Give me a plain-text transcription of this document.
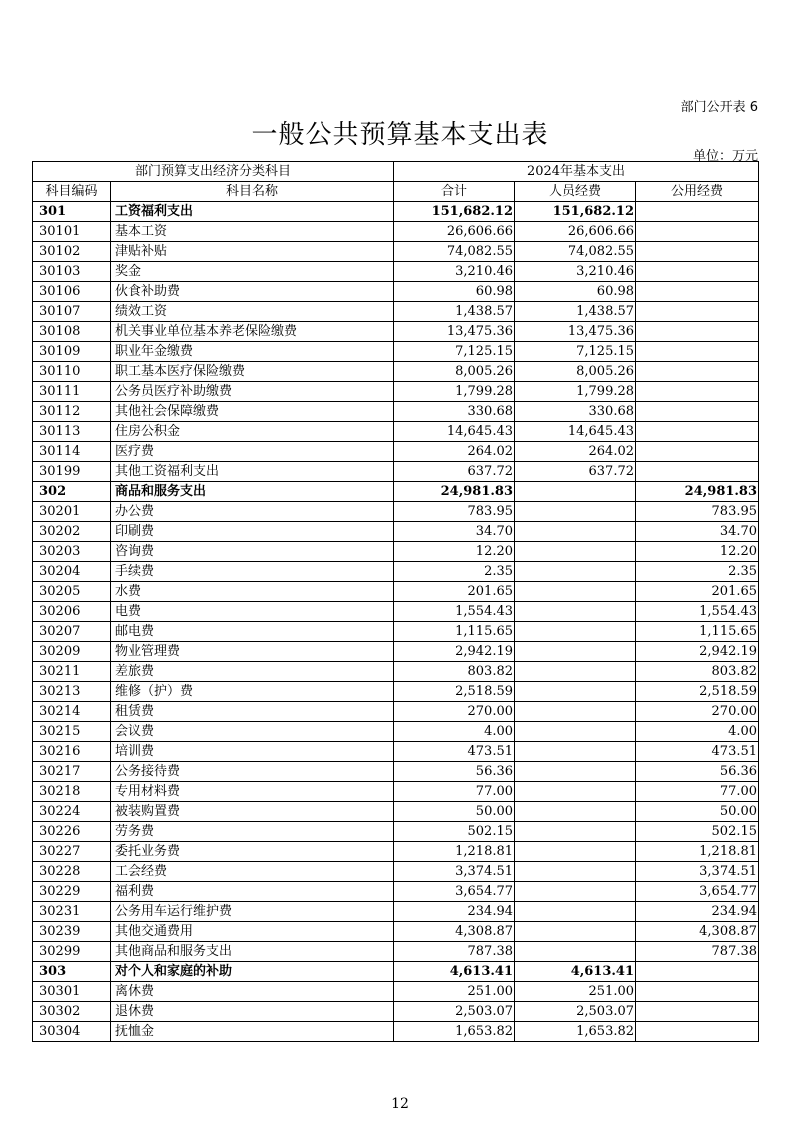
部门公开表 6
一般公共预算基本支出表
单位：万元
部门预算支出经济分类科目		2024年基本支出		
科目编码	科目名称	合计	人员经费	公用经费
301	工资福利支出	151,682.12	151,682.12	
30101	基本工资	26,606.66	26,606.66	
30102	津贴补贴	74,082.55	74,082.55	
30103	奖金	3,210.46	3,210.46	
30106	伙食补助费	60.98	60.98	
30107	绩效工资	1,438.57	1,438.57	
30108	机关事业单位基本养老保险缴费	13,475.36	13,475.36	
30109	职业年金缴费	7,125.15	7,125.15	
30110	职工基本医疗保险缴费	8,005.26	8,005.26	
30111	公务员医疗补助缴费	1,799.28	1,799.28	
30112	其他社会保障缴费	330.68	330.68	
30113	住房公积金	14,645.43	14,645.43	
30114	医疗费	264.02	264.02	
30199	其他工资福利支出	637.72	637.72	
302	商品和服务支出	24,981.83		24,981.83
30201	办公费	783.95		783.95
30202	印刷费	34.70		34.70
30203	咨询费	12.20		12.20
30204	手续费	2.35		2.35
30205	水费	201.65		201.65
30206	电费	1,554.43		1,554.43
30207	邮电费	1,115.65		1,115.65
30209	物业管理费	2,942.19		2,942.19
30211	差旅费	803.82		803.82
30213	维修（护）费	2,518.59		2,518.59
30214	租赁费	270.00		270.00
30215	会议费	4.00		4.00
30216	培训费	473.51		473.51
30217	公务接待费	56.36		56.36
30218	专用材料费	77.00		77.00
30224	被装购置费	50.00		50.00
30226	劳务费	502.15		502.15
30227	委托业务费	1,218.81		1,218.81
30228	工会经费	3,374.51		3,374.51
30229	福利费	3,654.77		3,654.77
30231	公务用车运行维护费	234.94		234.94
30239	其他交通费用	4,308.87		4,308.87
30299	其他商品和服务支出	787.38		787.38
303	对个人和家庭的补助	4,613.41	4,613.41	
30301	离休费	251.00	251.00	
30302	退休费	2,503.07	2,503.07	
30304	抚恤金	1,653.82	1,653.82	
12
